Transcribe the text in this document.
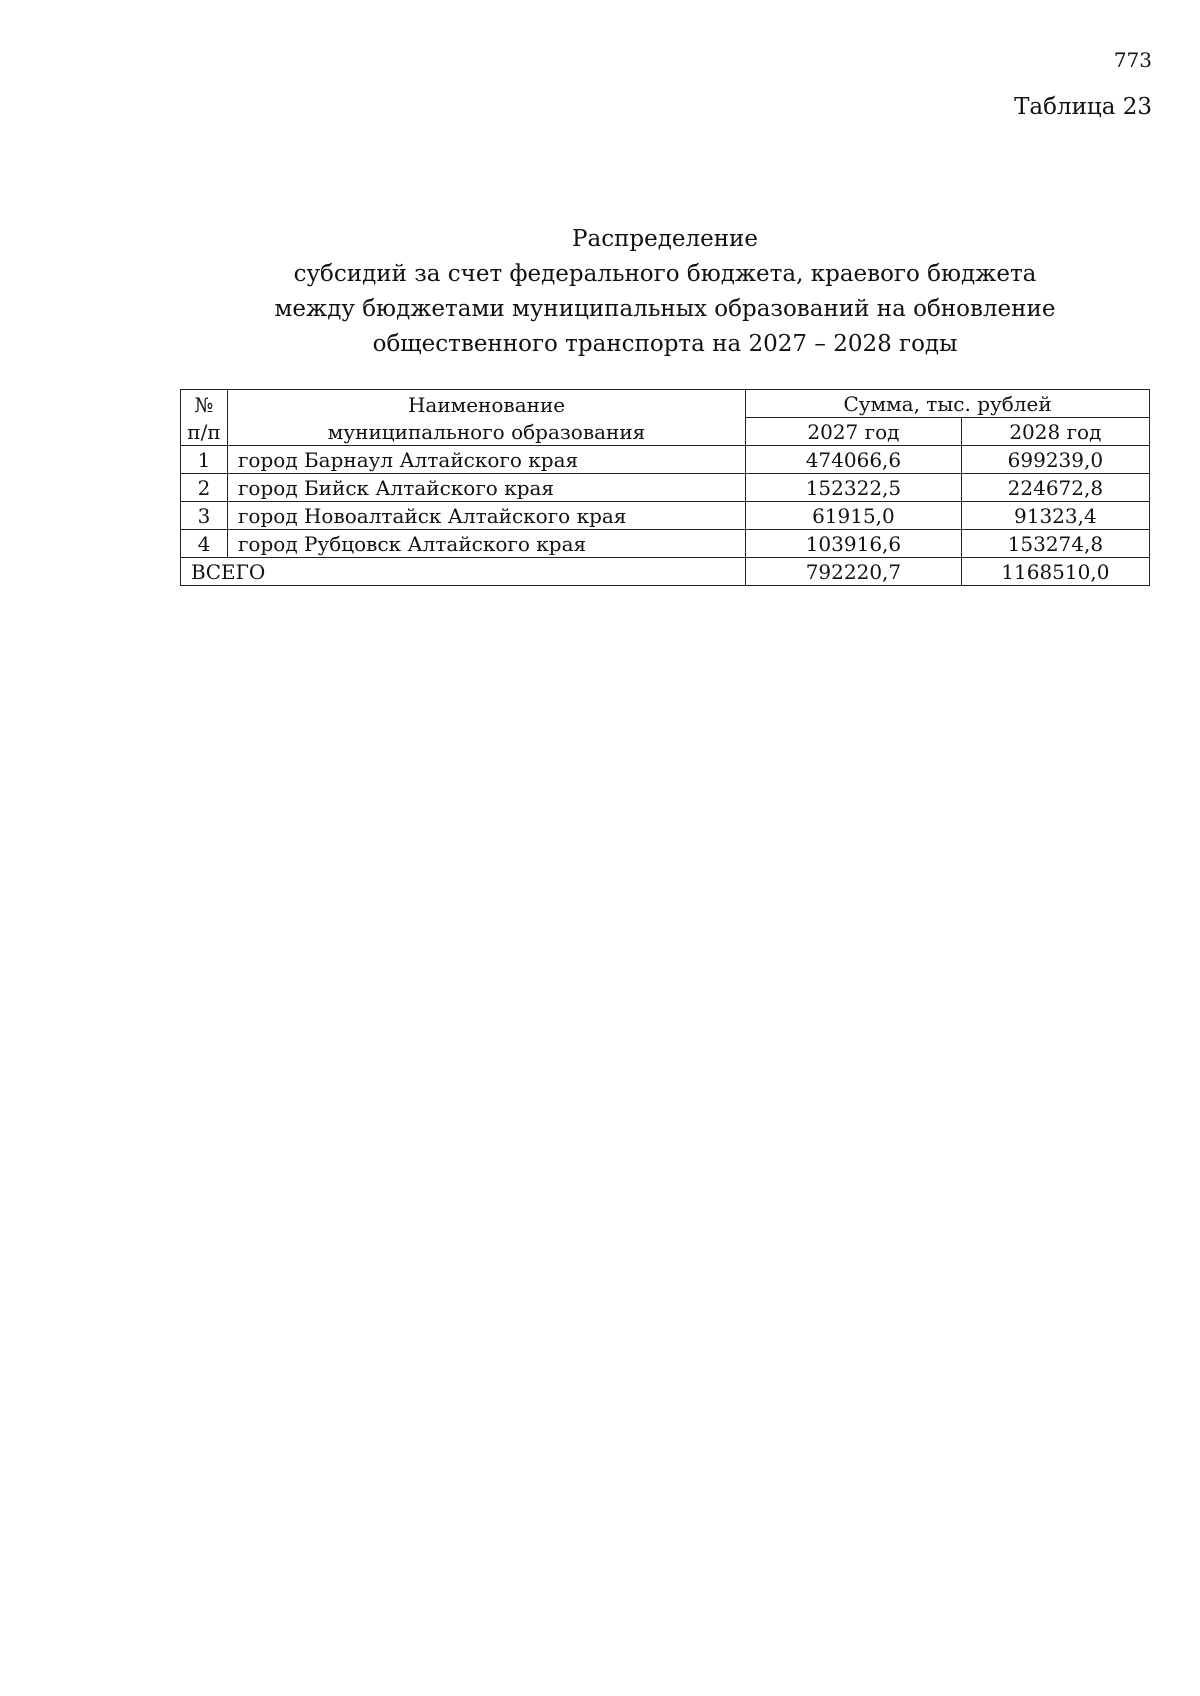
773
Таблица 23
Распределение
субсидий за счет федерального бюджета, краевого бюджета
между бюджетами муниципальных образований на обновление
общественного транспорта на 2027 – 2028 годы
№	Наименование	Сумма, тыс. рублей	
п/п	муниципального образования	2027 год	2028 год
1	город Барнаул Алтайского края	474066,6	699239,0
2	город Бийск Алтайского края	152322,5	224672,8
3	город Новоалтайск Алтайского края	61915,0	91323,4
4	город Рубцовск Алтайского края	103916,6	153274,8
ВСЕГО		792220,7	1168510,0
